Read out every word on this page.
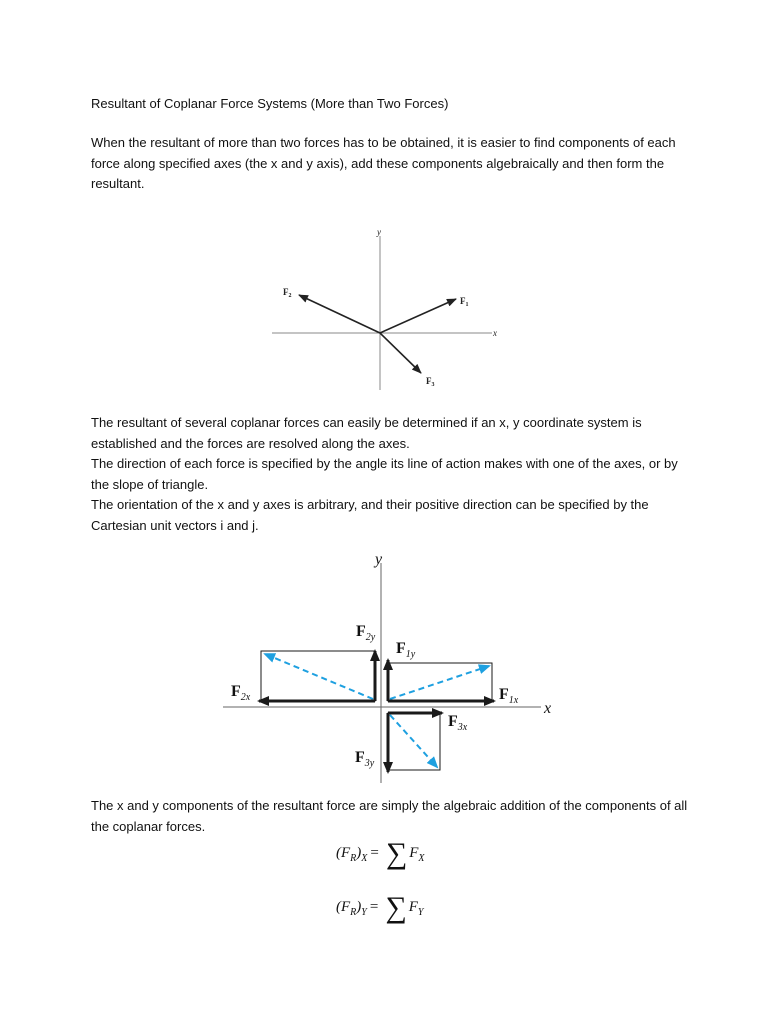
Resultant of Coplanar Force Systems (More than Two Forces)

When the resultant of more than two forces has to be obtained, it is easier to find components of each force along specified axes (the x and y axis), add these components algebraically and then form the resultant.

y
x
$F_1$
$F_2$
$F_3$

The resultant of several coplanar forces can easily be determined if an x, y coordinate system is established and the forces are resolved along the axes.

The direction of each force is specified by the angle its line of action makes with one of the axes, or by the slope of triangle.

The orientation of the x and y axes is arbitrary, and their positive direction can be specified by the Cartesian unit vectors i and j.

y
x
$F_{2y}$
$F_{1y}$
$F_{2x}$	$F_{1x}$
$F_{3x}$
$F_{3y}$

The x and y components of the resultant force are simply the algebraic addition of the components of all the coplanar forces.

$(F_R)_X$ = ∑ $F_X$
$(F_R)_Y$ = ∑ $F_Y$
